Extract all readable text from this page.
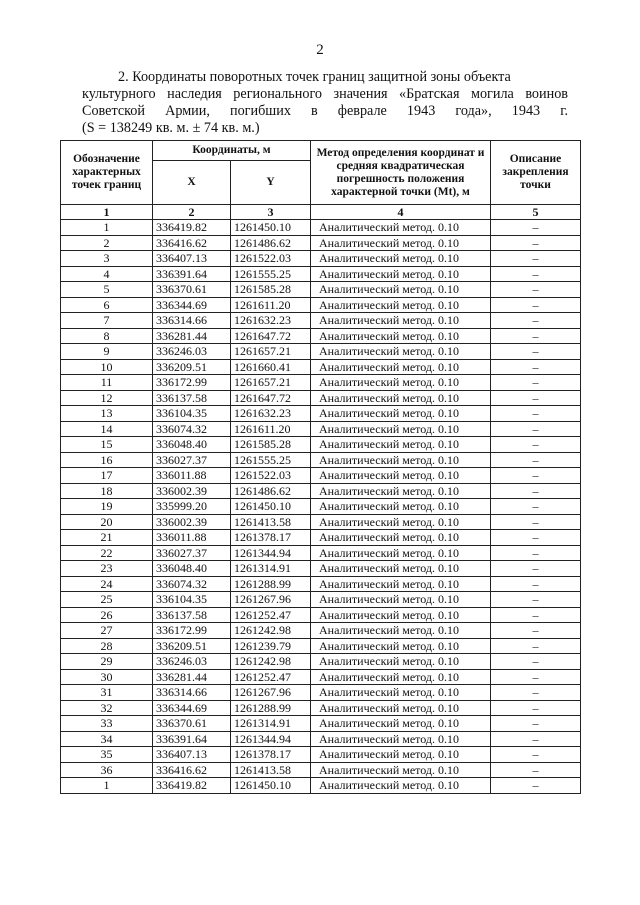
2
2. Координаты поворотных точек границ защитной зоны объекта
культурного наследия регионального значения «Братская могила воинов
Советской Армии, погибших в феврале 1943 года», 1943 г.
(S = 138249 кв. м. ± 74 кв. м.)
Обозначение характерных точек границ	Координаты, м		Метод определения координат и средняя квадратическая погрешность положения характерной точки (Mt), м	Описание закрепления точки
	X	Y		
1	2	3	4	5
1	336419.82	1261450.10	Аналитический метод. 0.10	–
2	336416.62	1261486.62	Аналитический метод. 0.10	–
3	336407.13	1261522.03	Аналитический метод. 0.10	–
4	336391.64	1261555.25	Аналитический метод. 0.10	–
5	336370.61	1261585.28	Аналитический метод. 0.10	–
6	336344.69	1261611.20	Аналитический метод. 0.10	–
7	336314.66	1261632.23	Аналитический метод. 0.10	–
8	336281.44	1261647.72	Аналитический метод. 0.10	–
9	336246.03	1261657.21	Аналитический метод. 0.10	–
10	336209.51	1261660.41	Аналитический метод. 0.10	–
11	336172.99	1261657.21	Аналитический метод. 0.10	–
12	336137.58	1261647.72	Аналитический метод. 0.10	–
13	336104.35	1261632.23	Аналитический метод. 0.10	–
14	336074.32	1261611.20	Аналитический метод. 0.10	–
15	336048.40	1261585.28	Аналитический метод. 0.10	–
16	336027.37	1261555.25	Аналитический метод. 0.10	–
17	336011.88	1261522.03	Аналитический метод. 0.10	–
18	336002.39	1261486.62	Аналитический метод. 0.10	–
19	335999.20	1261450.10	Аналитический метод. 0.10	–
20	336002.39	1261413.58	Аналитический метод. 0.10	–
21	336011.88	1261378.17	Аналитический метод. 0.10	–
22	336027.37	1261344.94	Аналитический метод. 0.10	–
23	336048.40	1261314.91	Аналитический метод. 0.10	–
24	336074.32	1261288.99	Аналитический метод. 0.10	–
25	336104.35	1261267.96	Аналитический метод. 0.10	–
26	336137.58	1261252.47	Аналитический метод. 0.10	–
27	336172.99	1261242.98	Аналитический метод. 0.10	–
28	336209.51	1261239.79	Аналитический метод. 0.10	–
29	336246.03	1261242.98	Аналитический метод. 0.10	–
30	336281.44	1261252.47	Аналитический метод. 0.10	–
31	336314.66	1261267.96	Аналитический метод. 0.10	–
32	336344.69	1261288.99	Аналитический метод. 0.10	–
33	336370.61	1261314.91	Аналитический метод. 0.10	–
34	336391.64	1261344.94	Аналитический метод. 0.10	–
35	336407.13	1261378.17	Аналитический метод. 0.10	–
36	336416.62	1261413.58	Аналитический метод. 0.10	–
1	336419.82	1261450.10	Аналитический метод. 0.10	–
